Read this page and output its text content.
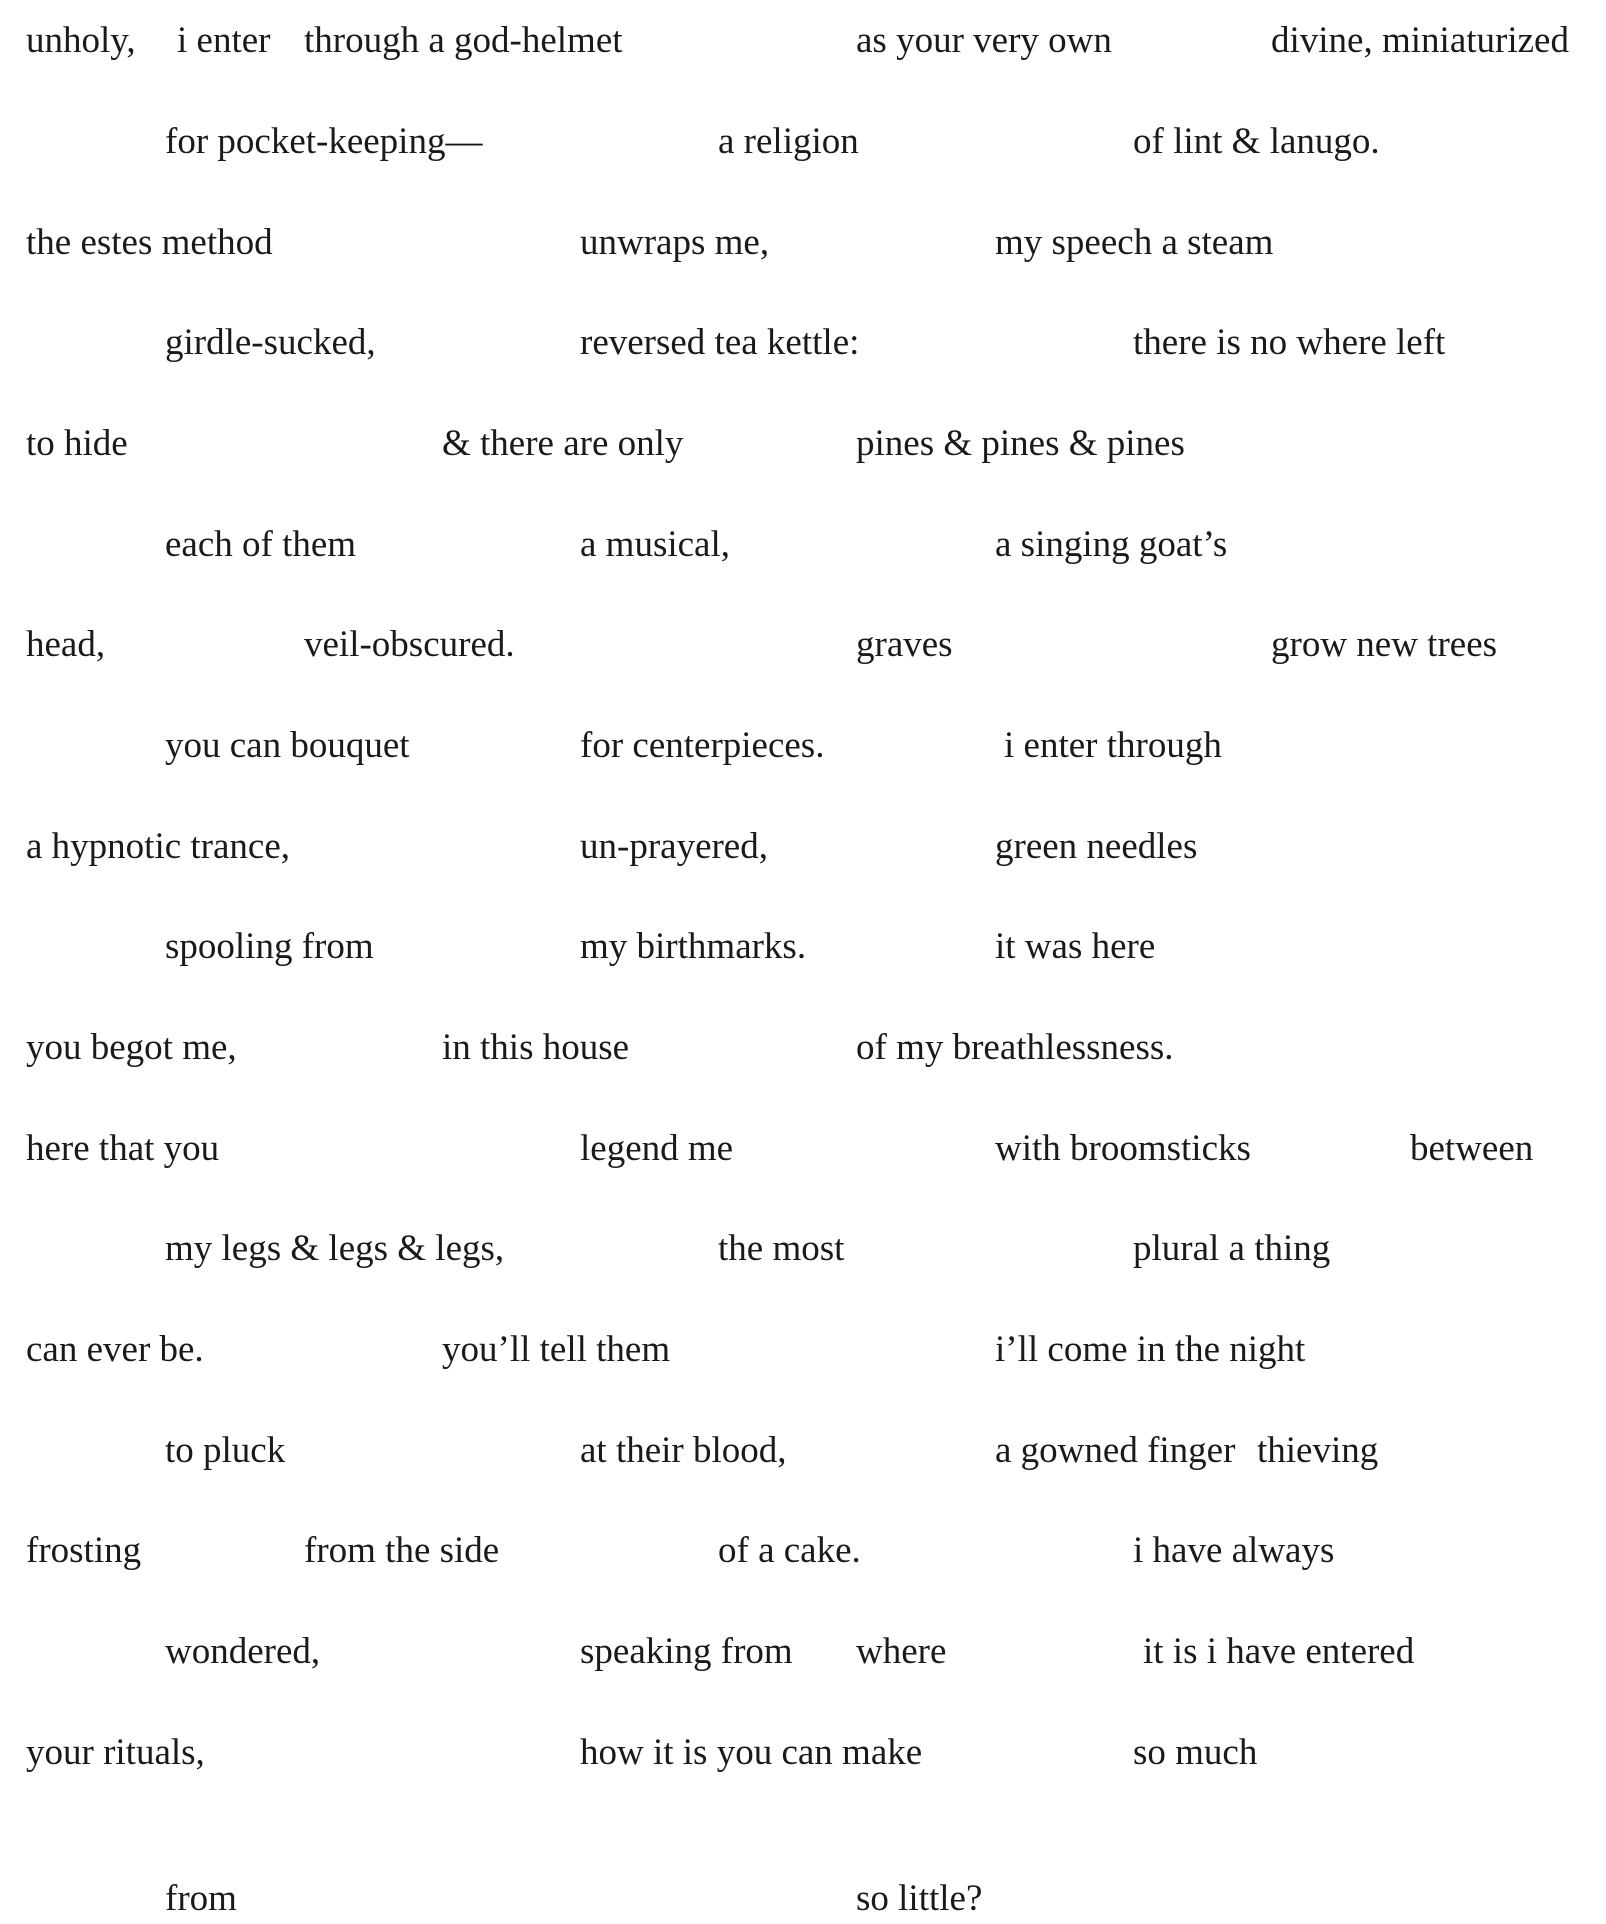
unholy, i enter through a god-helmet	as your very own	divine, miniaturized
for pocket-keeping—	a religion	of lint & lanugo.
the estes method	unwraps me,	my speech a steam
girdle-sucked,	reversed tea kettle:	there is no where left
to hide	& there are only	pines & pines & pines
each of them	a musical,	a singing goat’s
head,	veil-obscured.	graves	grow new trees
you can bouquet	for centerpieces.	i enter through
a hypnotic trance,	un-prayered,	green needles
spooling from	my birthmarks.	it was here
you begot me,	in this house	of my breathlessness.
here that you	legend me	with broomsticks	between
my legs & legs & legs,	the most	plural a thing
can ever be.	you’ll tell them	i’ll come in the night
to pluck	at their blood,	a gowned finger thieving
frosting	from the side	of a cake.	i have always
wondered,	speaking from where	it is i have entered
your rituals,	how it is you can make	so much
from	so little?
